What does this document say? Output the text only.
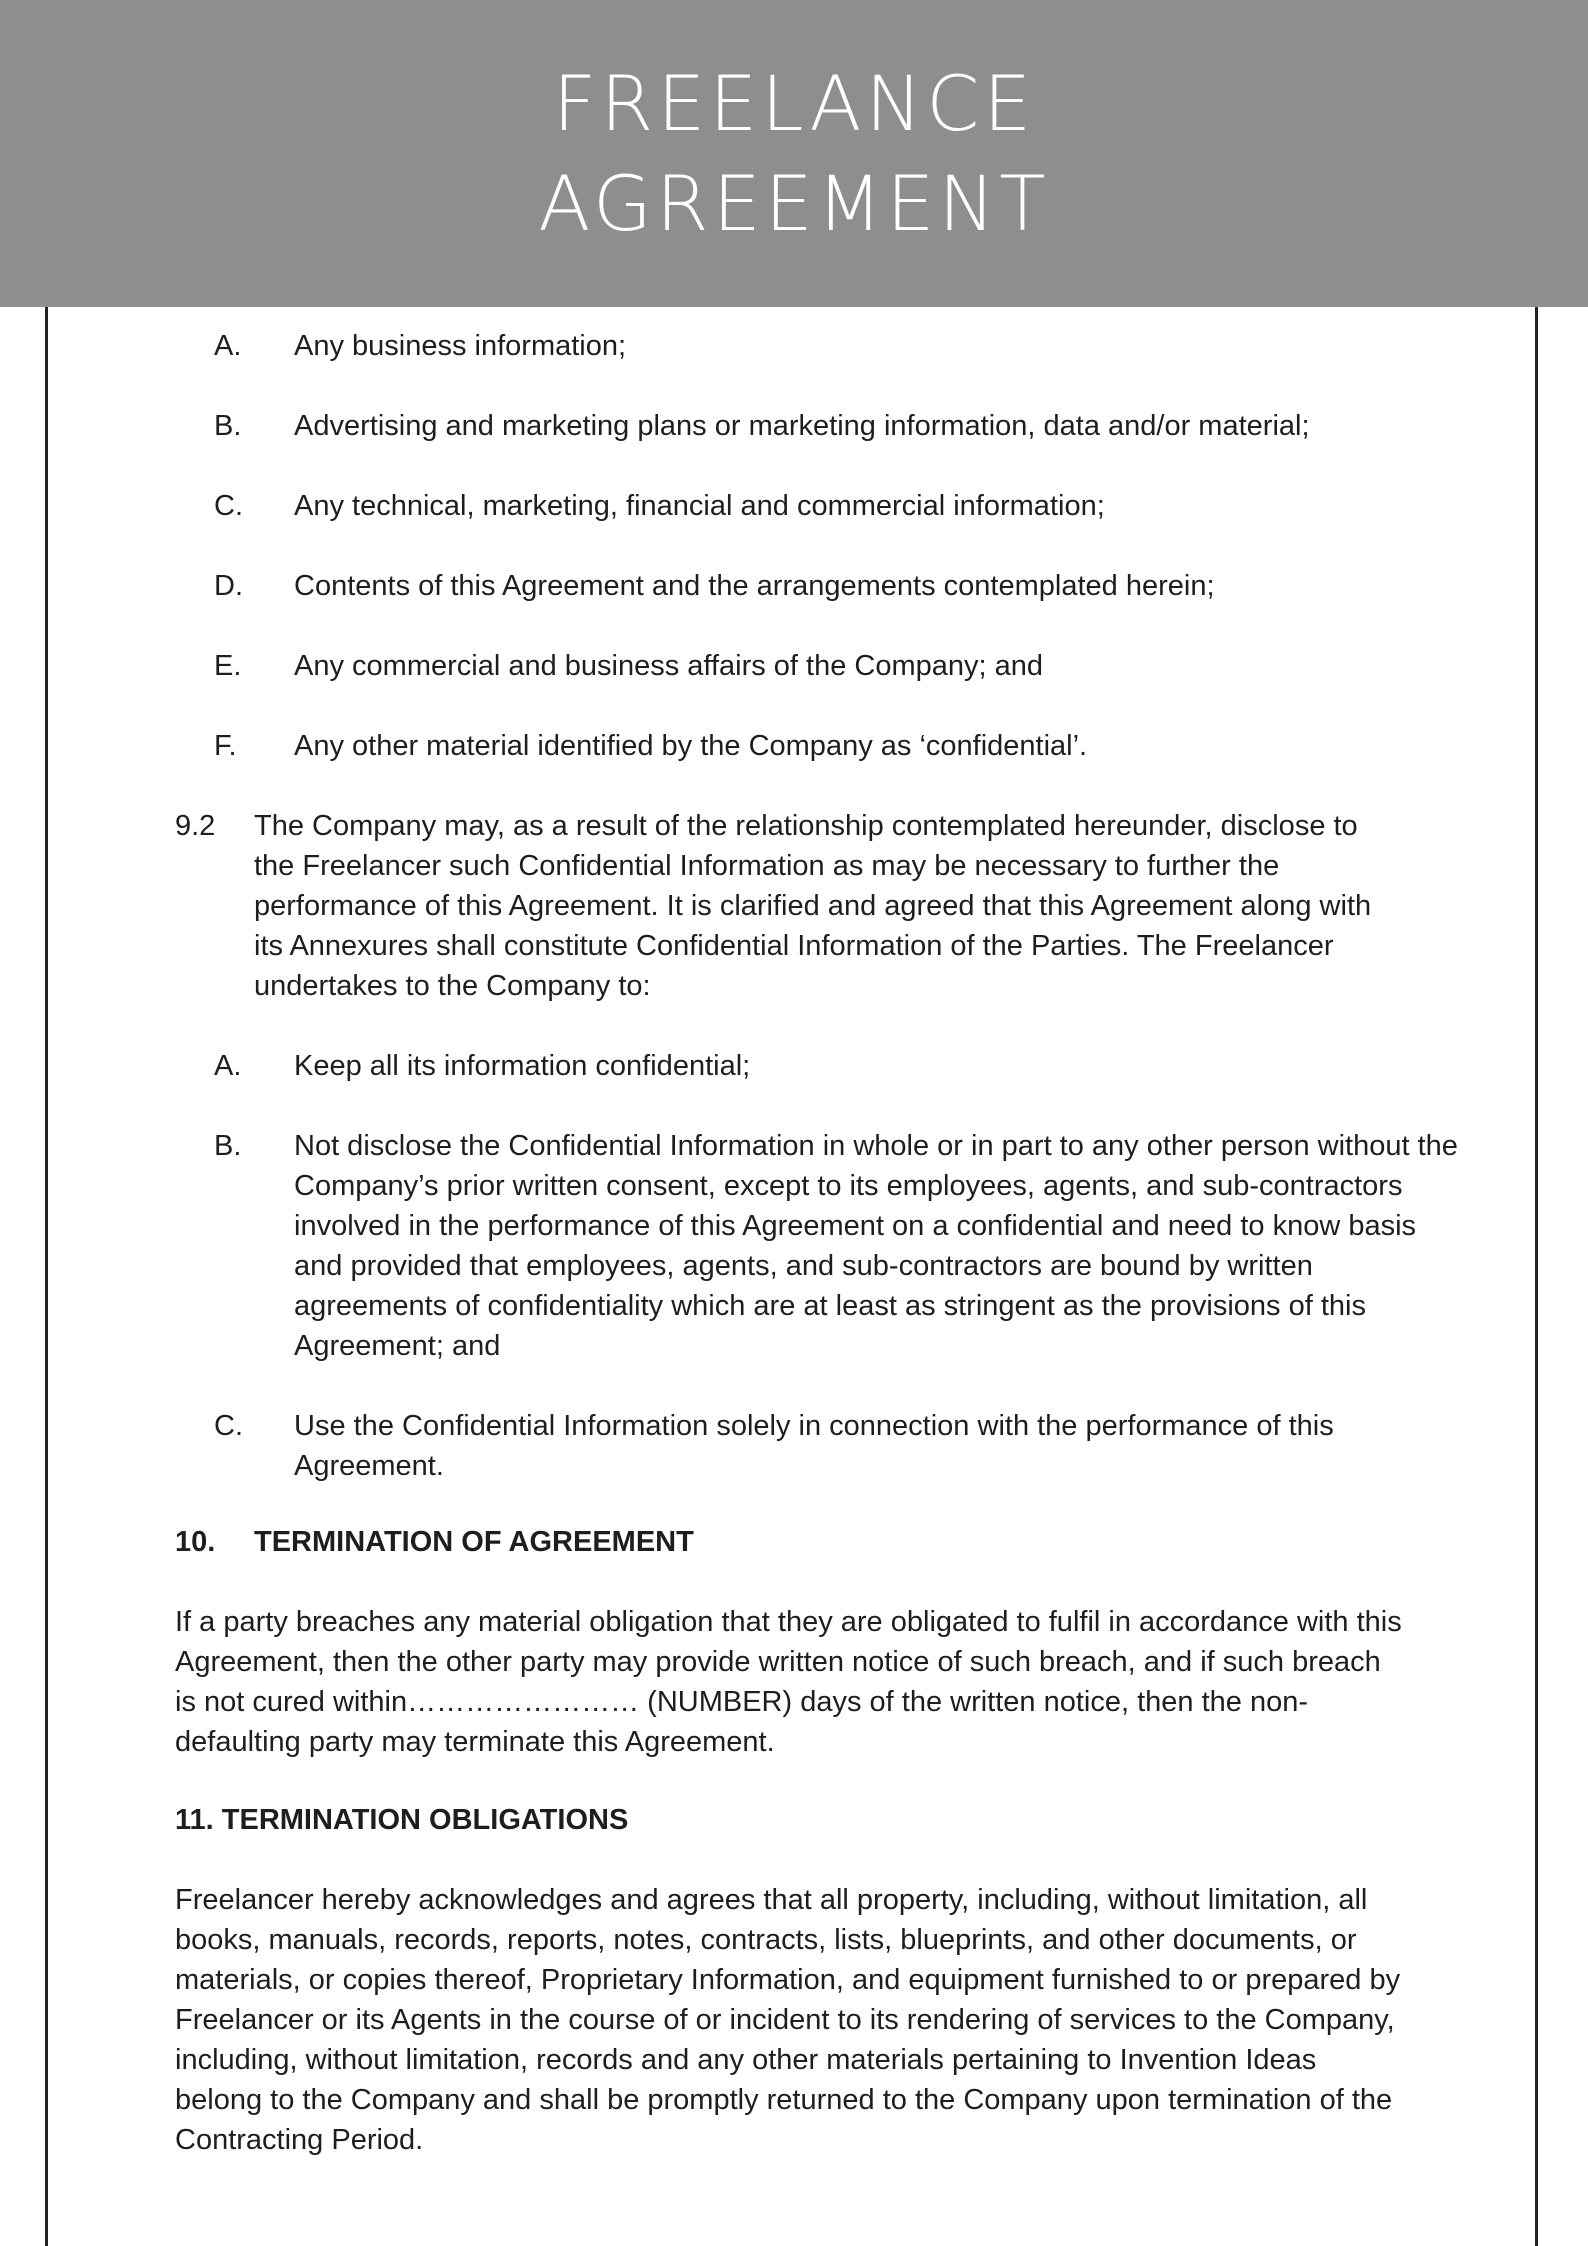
FREELANCE
AGREEMENT
A. Any business information;
B. Advertising and marketing plans or marketing information, data and/or material;
C. Any technical, marketing, financial and commercial information;
D. Contents of this Agreement and the arrangements contemplated herein;
E. Any commercial and business affairs of the Company; and
F. Any other material identified by the Company as ‘confidential’.
9.2 The Company may, as a result of the relationship contemplated hereunder, disclose to the Freelancer such Confidential Information as may be necessary to further the performance of this Agreement. It is clarified and agreed that this Agreement along with its Annexures shall constitute Confidential Information of the Parties. The Freelancer undertakes to the Company to:
A. Keep all its information confidential;
B. Not disclose the Confidential Information in whole or in part to any other person without the Company’s prior written consent, except to its employees, agents, and sub-contractors involved in the performance of this Agreement on a confidential and need to know basis and provided that employees, agents, and sub-contractors are bound by written agreements of confidentiality which are at least as stringent as the provisions of this Agreement; and
C. Use the Confidential Information solely in connection with the performance of this Agreement.
10. TERMINATION OF AGREEMENT
If a party breaches any material obligation that they are obligated to fulfil in accordance with this Agreement, then the other party may provide written notice of such breach, and if such breach is not cured within…………………… (NUMBER) days of the written notice, then the non-defaulting party may terminate this Agreement.
11. TERMINATION OBLIGATIONS
Freelancer hereby acknowledges and agrees that all property, including, without limitation, all books, manuals, records, reports, notes, contracts, lists, blueprints, and other documents, or materials, or copies thereof, Proprietary Information, and equipment furnished to or prepared by Freelancer or its Agents in the course of or incident to its rendering of services to the Company, including, without limitation, records and any other materials pertaining to Invention Ideas belong to the Company and shall be promptly returned to the Company upon termination of the Contracting Period.
